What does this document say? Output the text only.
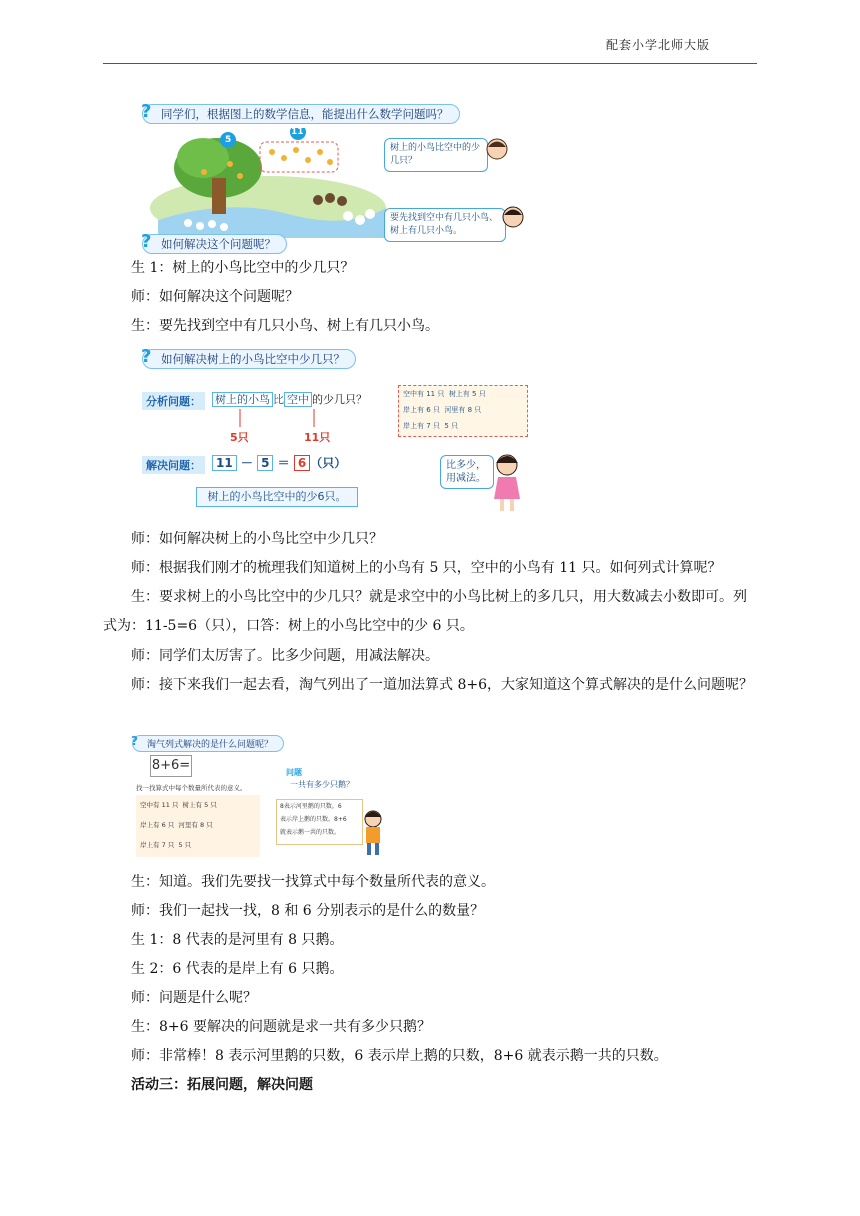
配套小学北师大版
? 同学们，根据图上的数学信息，能提出什么数学问题吗？
5
11
树上的小鸟比空中的少几只？
要先找到空中有几只小鸟、树上有几只小鸟。
? 如何解决这个问题呢？
生 1：树上的小鸟比空中的少几只？
师：如何解决这个问题呢？
生：要先找到空中有几只小鸟、树上有几只小鸟。
? 如何解决树上的小鸟比空中少几只？
分析问题：	树上的小鸟 比 空中 的少几只？
5只	11只
解决问题：	11 － 5 ＝ 6 （只）
树上的小鸟比空中的少6只。
空中有 11 只 树上有 5 只
岸上有 6 只 河里有 8 只
岸上有 7 只 5 只
比多少，用减法。
师：如何解决树上的小鸟比空中少几只？
师：根据我们刚才的梳理我们知道树上的小鸟有 5 只，空中的小鸟有 11 只。如何列式计算呢？
生：要求树上的小鸟比空中的少几只？就是求空中的小鸟比树上的多几只，用大数减去小数即可。列式为：11-5=6（只），口答：树上的小鸟比空中的少 6 只。
师：同学们太厉害了。比多少问题，用减法解决。
师：接下来我们一起去看，淘气列出了一道加法算式 8+6，大家知道这个算式解决的是什么问题呢？
? 淘气列式解决的是什么问题呢？
8+6=
找一找算式中每个数量所代表的意义。
空中有 11 只 树上有 5 只
岸上有 6 只 河里有 8 只
岸上有 7 只 5 只
问题
一共有多少只鹅？
8表示河里鹅的只数。6
表示岸上鹅的只数。8+6
就表示鹅一共的只数。
生：知道。我们先要找一找算式中每个数量所代表的意义。
师：我们一起找一找，8 和 6 分别表示的是什么的数量？
生 1：8 代表的是河里有 8 只鹅。
生 2：6 代表的是岸上有 6 只鹅。
师：问题是什么呢？
生：8+6 要解决的问题就是求一共有多少只鹅？
师：非常棒！8 表示河里鹅的只数，6 表示岸上鹅的只数，8+6 就表示鹅一共的只数。
活动三：拓展问题，解决问题
